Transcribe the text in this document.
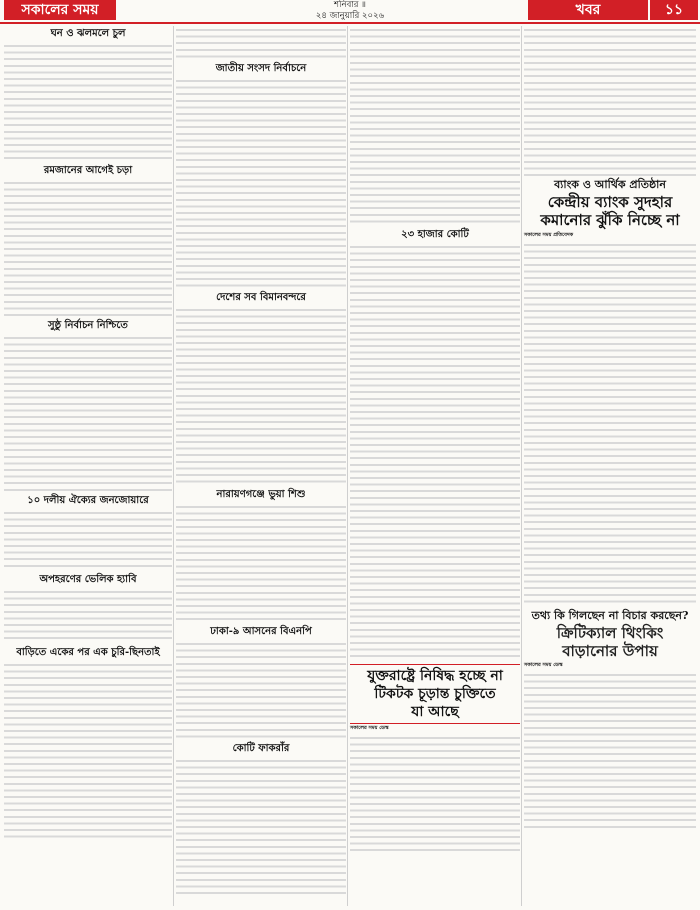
সকালের সময়	শনিবার ॥
২৪ জানুয়ারি ২০২৬	খবর	১১
ঘন ও ঝলমলে চুল
রমজানের আগেই চড়া
সুষ্ঠু নির্বাচন নিশ্চিতে
১০ দলীয় ঐক্যের জনজোয়ারে
অপহরণের ভেলিক হ্যাবি
বাড়িতে একের পর এক চুরি-ছিনতাই
জাতীয় সংসদ নির্বাচনে
দেশের সব বিমানবন্দরে
নারায়ণগঞ্জে ভুয়া শিশু
ঢাকা-৯ আসনের বিএনপি
কোটি ফাকরাঁর
২৩ হাজার কোটি
যুক্তরাষ্ট্রে নিষিদ্ধ হচ্ছে না
টিকটক চূড়ান্ত চুক্তিতে
যা আছে
সকালের সময় ডেস্ক
ব্যাংক ও আর্থিক প্রতিষ্ঠান
কেন্দ্রীয় ব্যাংক সুদহার
কমানোর ঝুঁকি নিচ্ছে না
সকালের সময় প্রতিবেদক
তথ্য কি গিলছেন না বিচার করছেন?
ক্রিটিক্যাল থিংকিং
বাড়ানোর উপায়
সকালের সময় ডেস্ক
